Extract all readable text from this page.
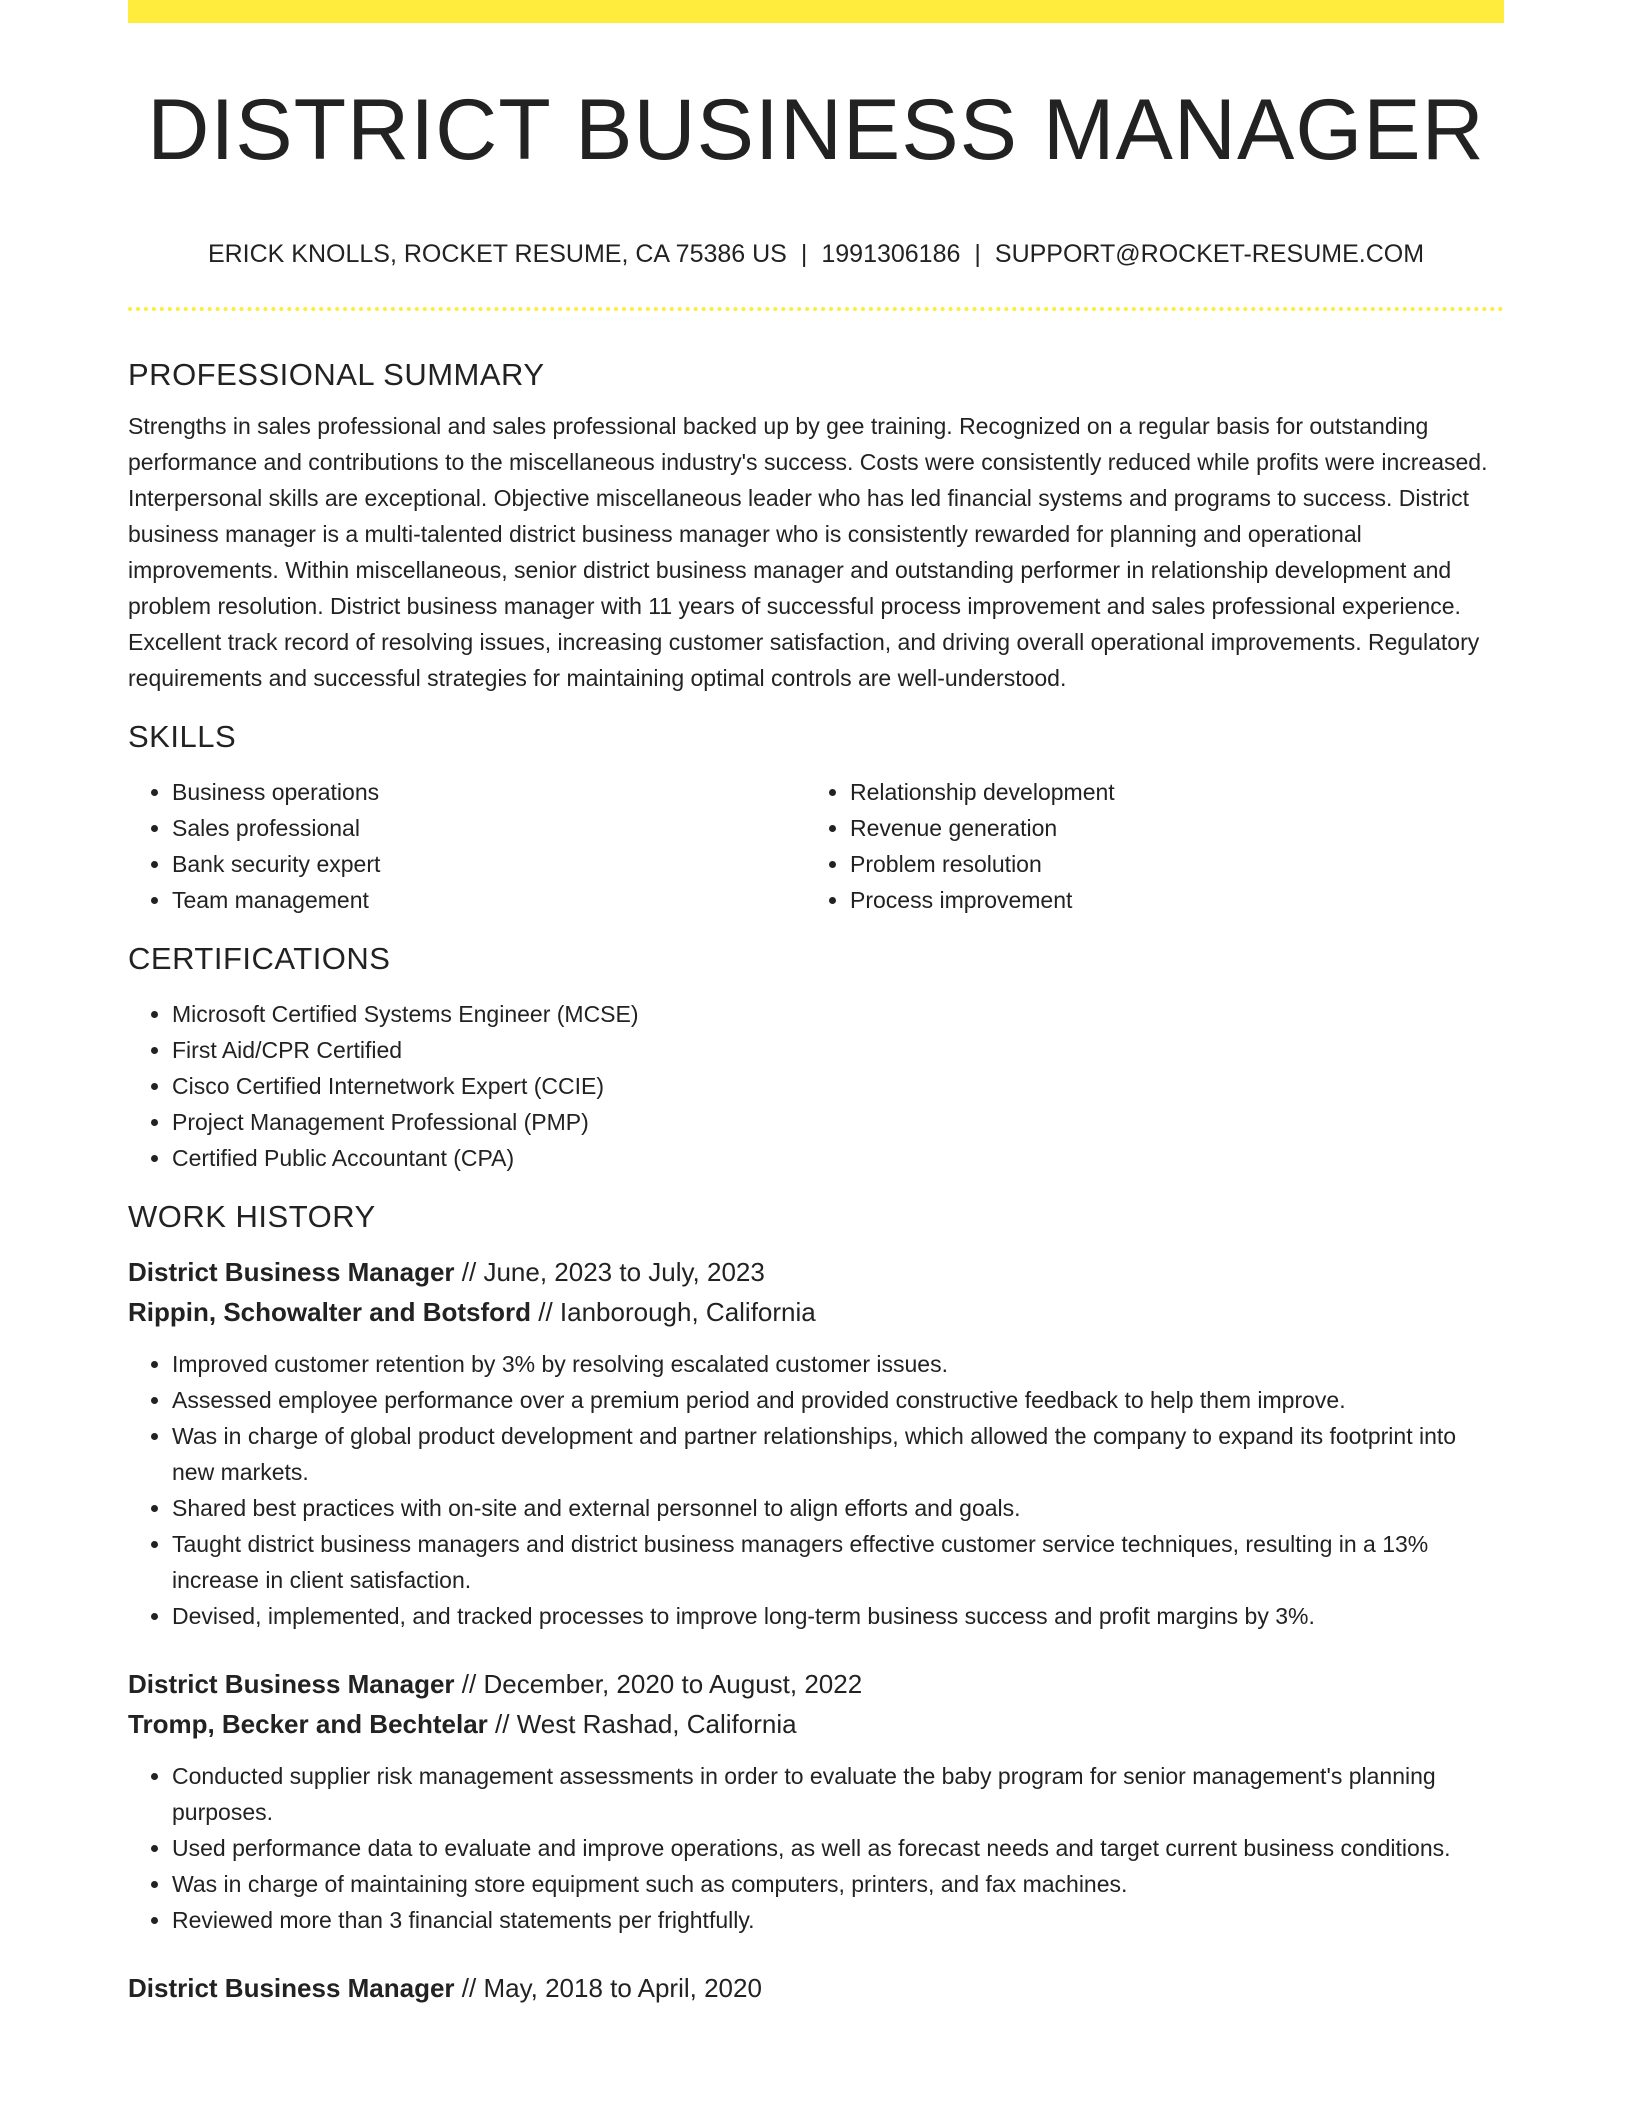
DISTRICT BUSINESS MANAGER
ERICK KNOLLS, ROCKET RESUME, CA 75386 US | 1991306186 | SUPPORT@ROCKET-RESUME.COM
PROFESSIONAL SUMMARY

Strengths in sales professional and sales professional backed up by gee training. Recognized on a regular basis for outstanding performance and contributions to the miscellaneous industry's success. Costs were consistently reduced while profits were increased. Interpersonal skills are exceptional. Objective miscellaneous leader who has led financial systems and programs to success. District business manager is a multi-talented district business manager who is consistently rewarded for planning and operational improvements. Within miscellaneous, senior district business manager and outstanding performer in relationship development and problem resolution. District business manager with 11 years of successful process improvement and sales professional experience. Excellent track record of resolving issues, increasing customer satisfaction, and driving overall operational improvements. Regulatory requirements and successful strategies for maintaining optimal controls are well-understood.

SKILLS
• Business operations
• Sales professional
• Bank security expert
• Team management
• Relationship development
• Revenue generation
• Problem resolution
• Process improvement
CERTIFICATIONS
• Microsoft Certified Systems Engineer (MCSE)
• First Aid/CPR Certified
• Cisco Certified Internetwork Expert (CCIE)
• Project Management Professional (PMP)
• Certified Public Accountant (CPA)
WORK HISTORY
District Business Manager // June, 2023 to July, 2023
Rippin, Schowalter and Botsford // Ianborough, California
• Improved customer retention by 3% by resolving escalated customer issues.
• Assessed employee performance over a premium period and provided constructive feedback to help them improve.
• Was in charge of global product development and partner relationships, which allowed the company to expand its footprint into new markets.
• Shared best practices with on-site and external personnel to align efforts and goals.
• Taught district business managers and district business managers effective customer service techniques, resulting in a 13% increase in client satisfaction.
• Devised, implemented, and tracked processes to improve long-term business success and profit margins by 3%.
District Business Manager // December, 2020 to August, 2022
Tromp, Becker and Bechtelar // West Rashad, California
• Conducted supplier risk management assessments in order to evaluate the baby program for senior management's planning purposes.
• Used performance data to evaluate and improve operations, as well as forecast needs and target current business conditions.
• Was in charge of maintaining store equipment such as computers, printers, and fax machines.
• Reviewed more than 3 financial statements per frightfully.
District Business Manager // May, 2018 to April, 2020
